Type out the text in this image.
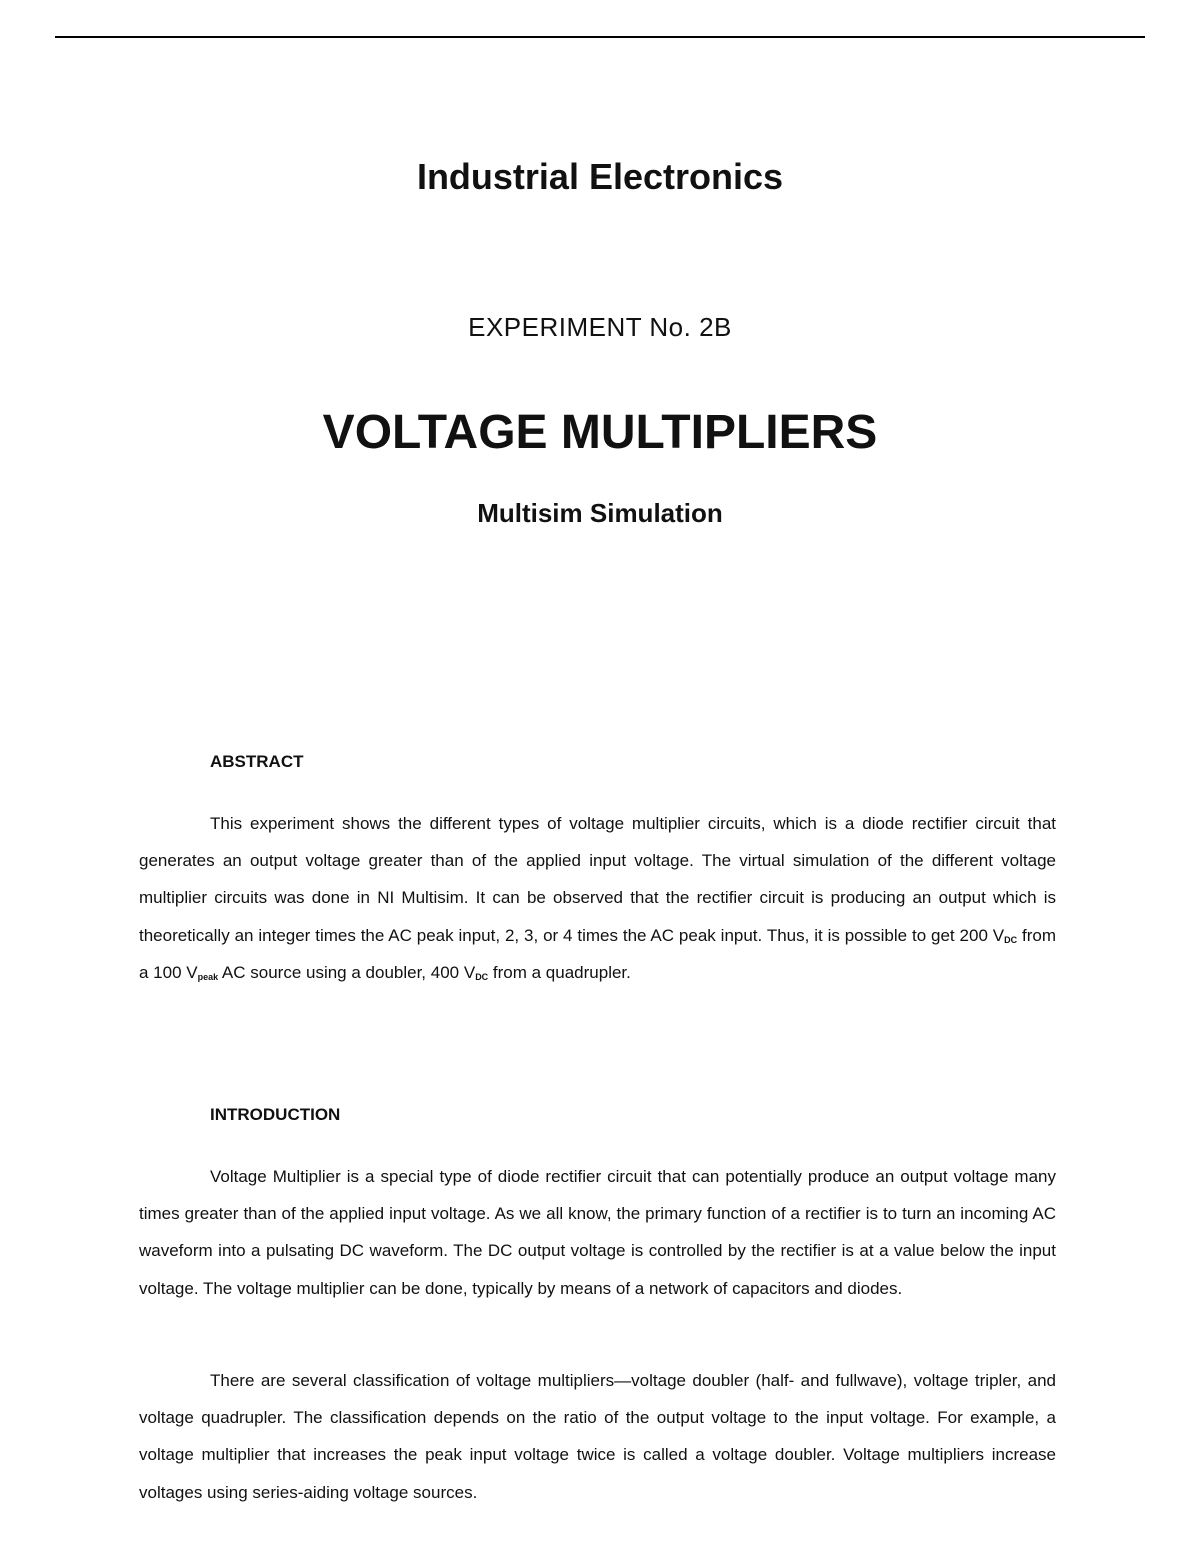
Industrial Electronics
EXPERIMENT No. 2B
VOLTAGE MULTIPLIERS
Multisim Simulation
ABSTRACT

This experiment shows the different types of voltage multiplier circuits, which is a diode rectifier circuit that generates an output voltage greater than of the applied input voltage. The virtual simulation of the different voltage multiplier circuits was done in NI Multisim. It can be observed that the rectifier circuit is producing an output which is theoretically an integer times the AC peak input, 2, 3, or 4 times the AC peak input. Thus, it is possible to get 200 $V_{DC}$ from a 100 $V_{peak}$ AC source using a doubler, 400 $V_{DC}$ from a quadrupler.

INTRODUCTION

Voltage Multiplier is a special type of diode rectifier circuit that can potentially produce an output voltage many times greater than of the applied input voltage. As we all know, the primary function of a rectifier is to turn an incoming AC waveform into a pulsating DC waveform. The DC output voltage is controlled by the rectifier is at a value below the input voltage. The voltage multiplier can be done, typically by means of a network of capacitors and diodes.

There are several classification of voltage multipliers—voltage doubler (half- and fullwave), voltage tripler, and voltage quadrupler. The classification depends on the ratio of the output voltage to the input voltage. For example, a voltage multiplier that increases the peak input voltage twice is called a voltage doubler. Voltage multipliers increase voltages using series-aiding voltage sources.
